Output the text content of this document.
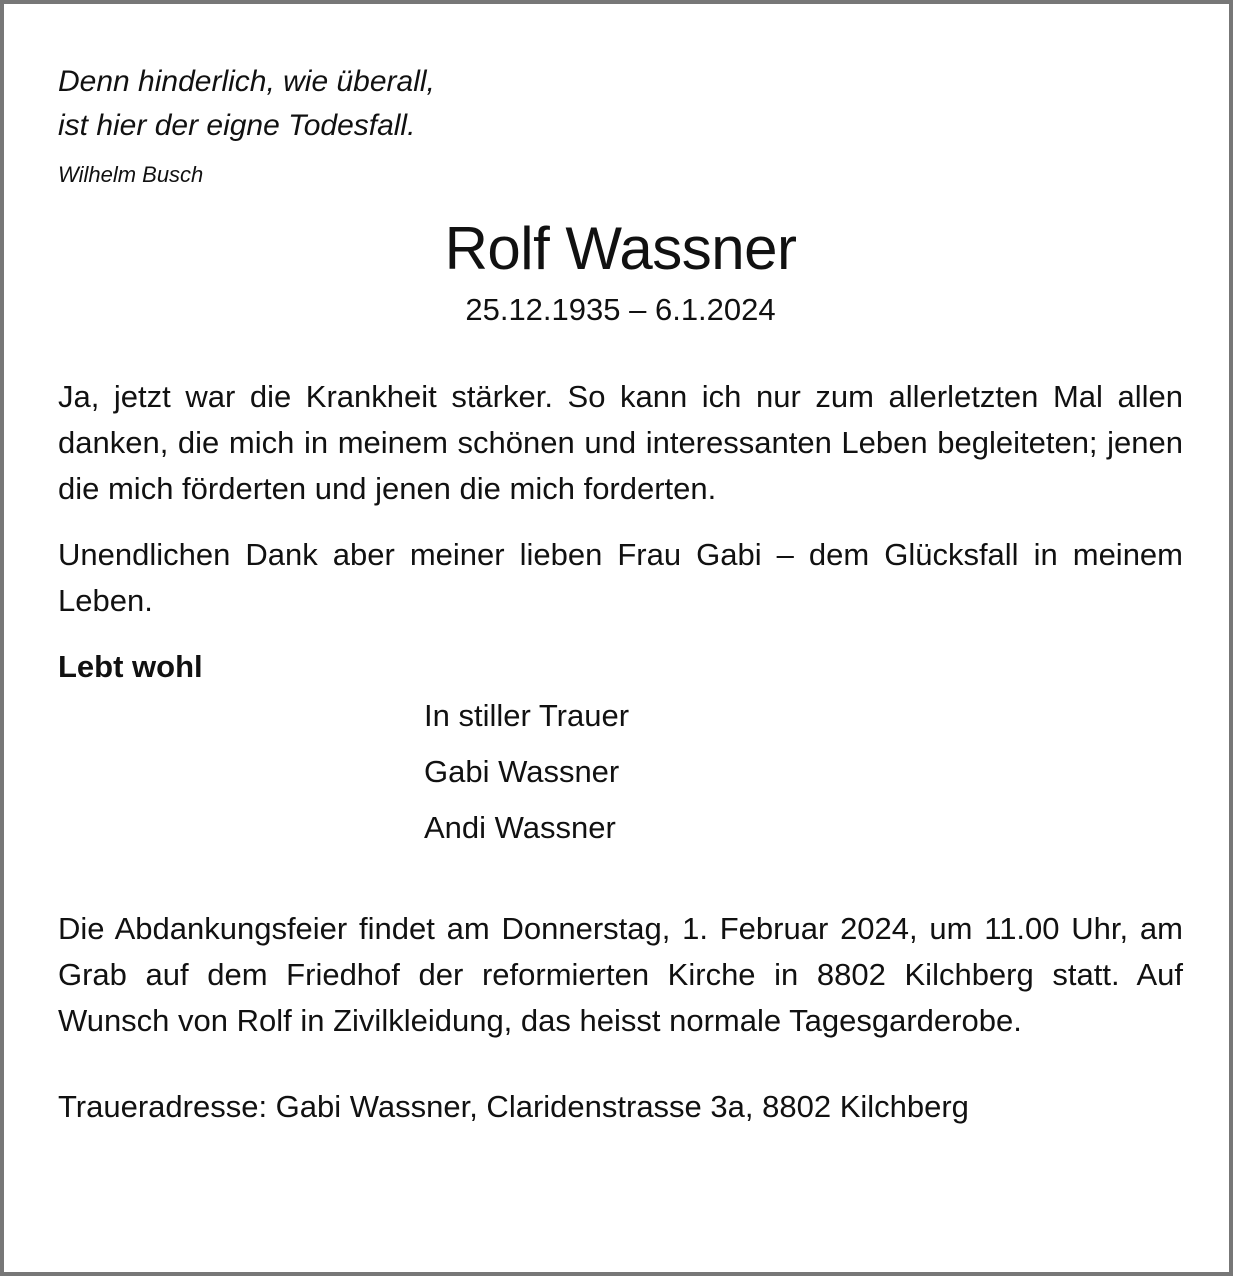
Denn hinderlich, wie überall,
ist hier der eigne Todesfall.
Wilhelm Busch
Rolf Wassner
25.12.1935 – 6.1.2024

Ja, jetzt war die Krankheit stärker. So kann ich nur zum allerletzten Mal allen danken, die mich in meinem schönen und interessanten Leben begleiteten; jenen die mich förderten und jenen die mich forderten.

Unendlichen Dank aber meiner lieben Frau Gabi – dem Glücksfall in meinem Leben.

Lebt wohl
In stiller Trauer
Gabi Wassner
Andi Wassner

Die Abdankungsfeier findet am Donnerstag, 1. Februar 2024, um 11.00 Uhr, am Grab auf dem Friedhof der reformierten Kirche in 8802 Kilchberg statt. Auf Wunsch von Rolf in Zivilkleidung, das heisst normale Tagesgarderobe.

Traueradresse: Gabi Wassner, Claridenstrasse 3a, 8802 Kilchberg
